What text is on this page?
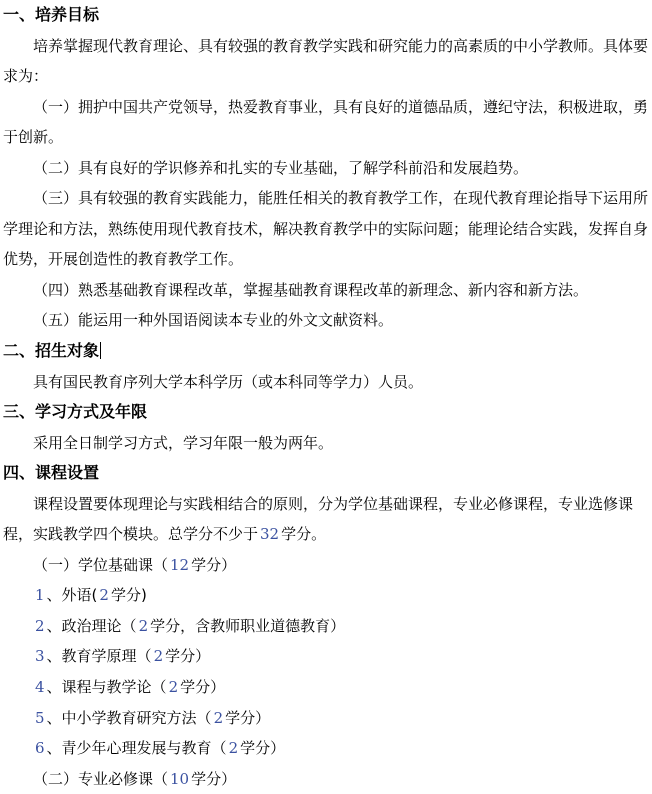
一、培养目标

培养掌握现代教育理论、具有较强的教育教学实践和研究能力的高素质的中小学教师。具体要求为：

（一）拥护中国共产党领导，热爱教育事业，具有良好的道德品质，遵纪守法，积极进取，勇于创新。

（二）具有良好的学识修养和扎实的专业基础，了解学科前沿和发展趋势。

（三）具有较强的教育实践能力，能胜任相关的教育教学工作，在现代教育理论指导下运用所学理论和方法，熟练使用现代教育技术，解决教育教学中的实际问题；能理论结合实践，发挥自身优势，开展创造性的教育教学工作。

（四）熟悉基础教育课程改革，掌握基础教育课程改革的新理念、新内容和新方法。

（五）能运用一种外国语阅读本专业的外文文献资料。

二、招生对象

具有国民教育序列大学本科学历（或本科同等学力）人员。

三、学习方式及年限

采用全日制学习方式，学习年限一般为两年。

四、课程设置

课程设置要体现理论与实践相结合的原则，分为学位基础课程，专业必修课程，专业选修课程，实践教学四个模块。总学分不少于 32 学分。

（一）学位基础课（ 12 学分）

1 、外语( 2 学分)

2 、政治理论（ 2 学分，含教师职业道德教育）

3 、教育学原理（ 2 学分）

4 、课程与教学论（ 2 学分）

5 、中小学教育研究方法（ 2 学分）

6 、青少年心理发展与教育（ 2 学分）

（二）专业必修课（ 10 学分）
